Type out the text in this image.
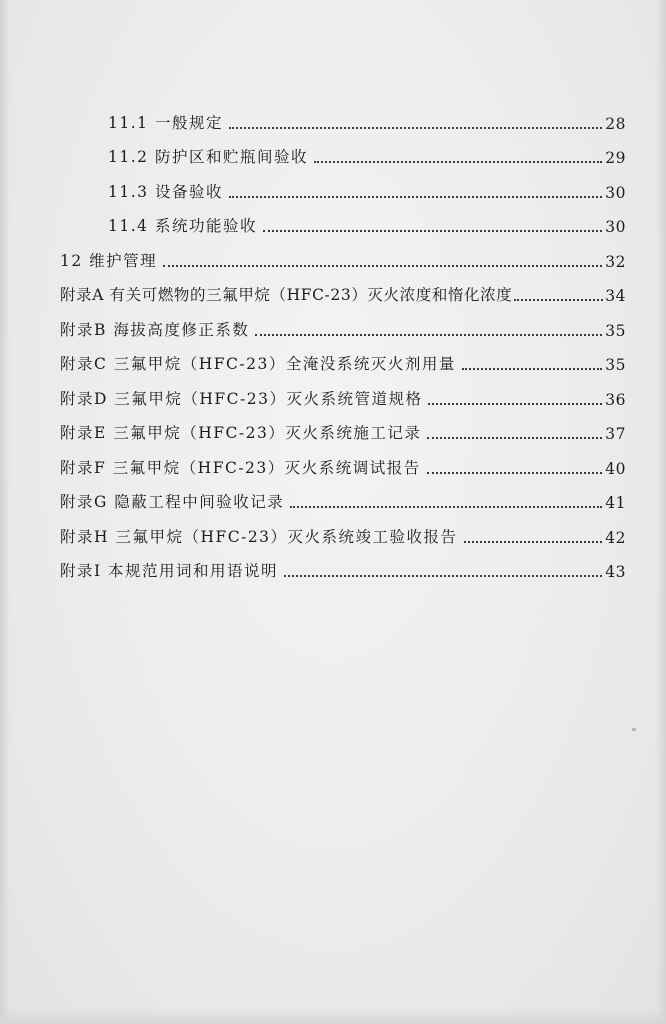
11.1 一般规定	28
11.2 防护区和贮瓶间验收	29
11.3 设备验收	30
11.4 系统功能验收	30
12 维护管理	32
附录A 有关可燃物的三氟甲烷（HFC-23）灭火浓度和惰化浓度	34
附录B 海拔高度修正系数	35
附录C 三氟甲烷（HFC-23）全淹没系统灭火剂用量	35
附录D 三氟甲烷（HFC-23）灭火系统管道规格	36
附录E 三氟甲烷（HFC-23）灭火系统施工记录	37
附录F 三氟甲烷（HFC-23）灭火系统调试报告	40
附录G 隐蔽工程中间验收记录	41
附录H 三氟甲烷（HFC-23）灭火系统竣工验收报告	42
附录I 本规范用词和用语说明	43
